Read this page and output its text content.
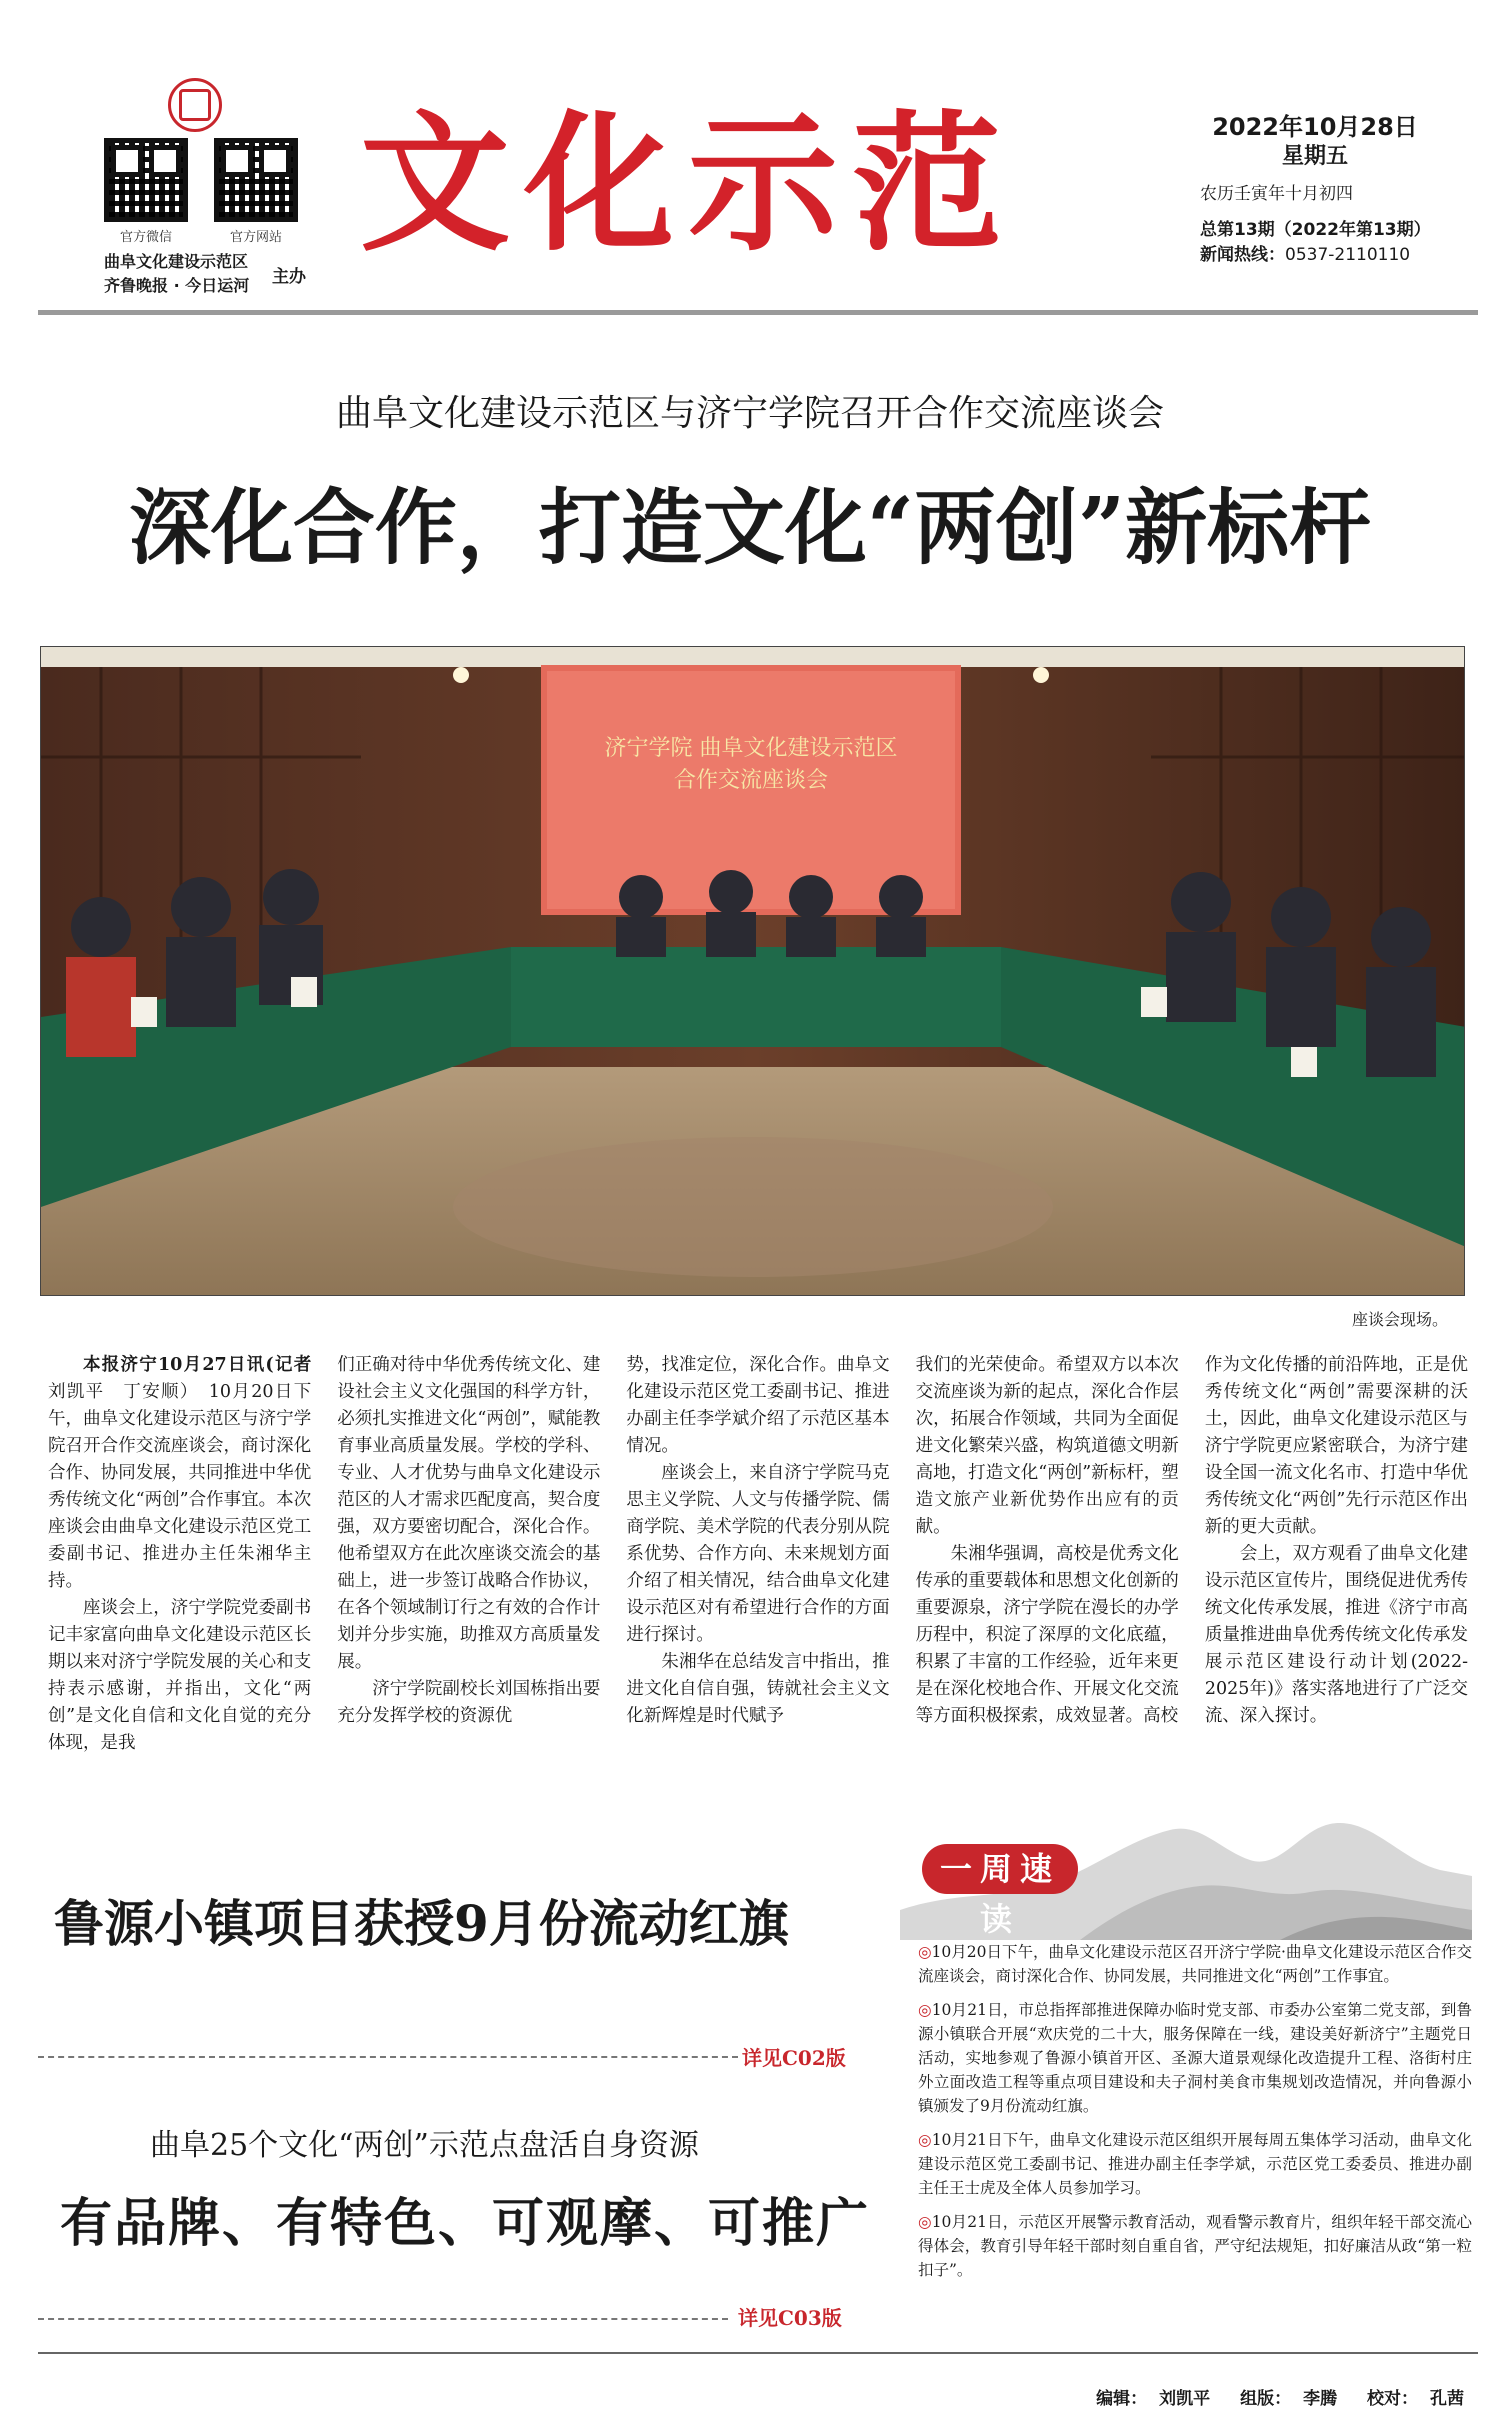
官方微信	官方网站
曲阜文化建设示范区
齐鲁晚报 · 今日运河 主办
文化示范	2022年10月28日
星期五
农历壬寅年十月初四
总第13期（2022年第13期）
新闻热线：0537-2110110
曲阜文化建设示范区与济宁学院召开合作交流座谈会
深化合作，打造文化“两创”新标杆
济宁学院 曲阜文化建设示范区
合作交流座谈会
座谈会现场。

本报济宁10月27日讯(记者刘凯平　丁安顺）　10月20日下午，曲阜文化建设示范区与济宁学院召开合作交流座谈会，商讨深化合作、协同发展，共同推进中华优秀传统文化“两创”合作事宜。本次座谈会由曲阜文化建设示范区党工委副书记、推进办主任朱湘华主持。

座谈会上，济宁学院党委副书记丰家富向曲阜文化建设示范区长期以来对济宁学院发展的关心和支持表示感谢，并指出，文化“两创”是文化自信和文化自觉的充分体现，是我

们正确对待中华优秀传统文化、建设社会主义文化强国的科学方针，必须扎实推进文化“两创”，赋能教育事业高质量发展。学校的学科、专业、人才优势与曲阜文化建设示范区的人才需求匹配度高，契合度强，双方要密切配合，深化合作。他希望双方在此次座谈交流会的基础上，进一步签订战略合作协议，在各个领域制订行之有效的合作计划并分步实施，助推双方高质量发展。

济宁学院副校长刘国栋指出要充分发挥学校的资源优

势，找准定位，深化合作。曲阜文化建设示范区党工委副书记、推进办副主任李学斌介绍了示范区基本情况。

座谈会上，来自济宁学院马克思主义学院、人文与传播学院、儒商学院、美术学院的代表分别从院系优势、合作方向、未来规划方面介绍了相关情况，结合曲阜文化建设示范区对有希望进行合作的方面进行探讨。

朱湘华在总结发言中指出，推进文化自信自强，铸就社会主义文化新辉煌是时代赋予

我们的光荣使命。希望双方以本次交流座谈为新的起点，深化合作层次，拓展合作领域，共同为全面促进文化繁荣兴盛，构筑道德文明新高地，打造文化“两创”新标杆，塑造文旅产业新优势作出应有的贡献。

朱湘华强调，高校是优秀文化传承的重要载体和思想文化创新的重要源泉，济宁学院在漫长的办学历程中，积淀了深厚的文化底蕴，积累了丰富的工作经验，近年来更是在深化校地合作、开展文化交流等方面积极探索，成效显著。高校

作为文化传播的前沿阵地，正是优秀传统文化“两创”需要深耕的沃土，因此，曲阜文化建设示范区与济宁学院更应紧密联合，为济宁建设全国一流文化名市、打造中华优秀传统文化“两创”先行示范区作出新的更大贡献。

会上，双方观看了曲阜文化建设示范区宣传片，围绕促进优秀传统文化传承发展，推进《济宁市高质量推进曲阜优秀传统文化传承发展示范区建设行动计划(2022-2025年)》落实落地进行了广泛交流、深入探讨。

鲁源小镇项目获授9月份流动红旗
详见C02版
曲阜25个文化“两创”示范点盘活自身资源
有品牌、有特色、可观摩、可推广
详见C03版
一周速读

◎10月20日下午，曲阜文化建设示范区召开济宁学院·曲阜文化建设示范区合作交流座谈会，商讨深化合作、协同发展，共同推进文化“两创”工作事宜。

◎10月21日，市总指挥部推进保障办临时党支部、市委办公室第二党支部，到鲁源小镇联合开展“欢庆党的二十大，服务保障在一线，建设美好新济宁”主题党日活动，实地参观了鲁源小镇首开区、圣源大道景观绿化改造提升工程、洛街村庄外立面改造工程等重点项目建设和夫子洞村美食市集规划改造情况，并向鲁源小镇颁发了9月份流动红旗。

◎10月21日下午，曲阜文化建设示范区组织开展每周五集体学习活动，曲阜文化建设示范区党工委副书记、推进办副主任李学斌，示范区党工委委员、推进办副主任王士虎及全体人员参加学习。

◎10月21日，示范区开展警示教育活动，观看警示教育片，组织年轻干部交流心得体会，教育引导年轻干部时刻自重自省，严守纪法规矩，扣好廉洁从政“第一粒扣子”。

编辑： 刘凯平 组版： 李腾 校对： 孔茜
